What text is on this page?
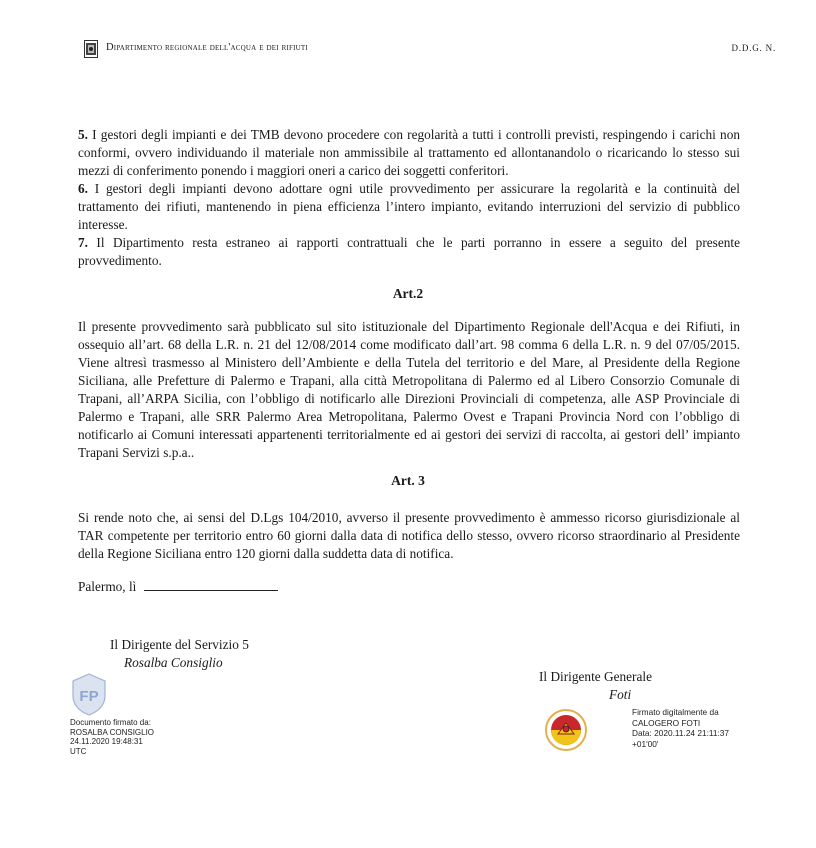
Dipartimento regionale dell'acqua e dei rifiuti	D.D.G. N.

5. I gestori degli impianti e dei TMB devono procedere con regolarità a tutti i controlli previsti, respingendo i carichi non conformi, ovvero individuando il materiale non ammissibile al trattamento ed allontanandolo o ricaricando lo stesso sui mezzi di conferimento ponendo i maggiori oneri a carico dei soggetti conferitori.

6. I gestori degli impianti devono adottare ogni utile provvedimento per assicurare la regolarità e la continuità del trattamento dei rifiuti, mantenendo in piena efficienza l’intero impianto, evitando interruzioni del servizio di pubblico interesse.

7. Il Dipartimento resta estraneo ai rapporti contrattuali che le parti porranno in essere a seguito del presente provvedimento.

Art.2

Il presente provvedimento sarà pubblicato sul sito istituzionale del Dipartimento Regionale dell'Acqua e dei Rifiuti, in ossequio all’art. 68 della L.R. n. 21 del 12/08/2014 come modificato dall’art. 98 comma 6 della L.R. n. 9 del 07/05/2015. Viene altresì trasmesso al Ministero dell’Ambiente e della Tutela del territorio e del Mare, al Presidente della Regione Siciliana, alle Prefetture di Palermo e Trapani, alla città Metropolitana di Palermo ed al Libero Consorzio Comunale di Trapani, all’ARPA Sicilia, con l’obbligo di notificarlo alle Direzioni Provinciali di competenza, alle ASP Provinciale di Palermo e Trapani, alle SRR Palermo Area Metropolitana, Palermo Ovest e Trapani Provincia Nord con l’obbligo di notificarlo ai Comuni interessati appartenenti territorialmente ed ai gestori dei servizi di raccolta, ai gestori dell’ impianto Trapani Servizi s.p.a..

Art. 3

Si rende noto che, ai sensi del D.Lgs 104/2010, avverso il presente provvedimento è ammesso ricorso giurisdizionale al TAR competente per territorio entro 60 giorni dalla data di notifica dello stesso, ovvero ricorso straordinario al Presidente della Regione Siciliana entro 120 giorni dalla suddetta data di notifica.

Palermo, lì
Il Dirigente del Servizio 5
Rosalba Consiglio
Il Dirigente Generale
Foti
FP
Documento firmato da:
ROSALBA CONSIGLIO
24.11.2020 19:48:31
UTC
Firmato digitalmente da
CALOGERO FOTI
Data: 2020.11.24 21:11:37
+01'00'
